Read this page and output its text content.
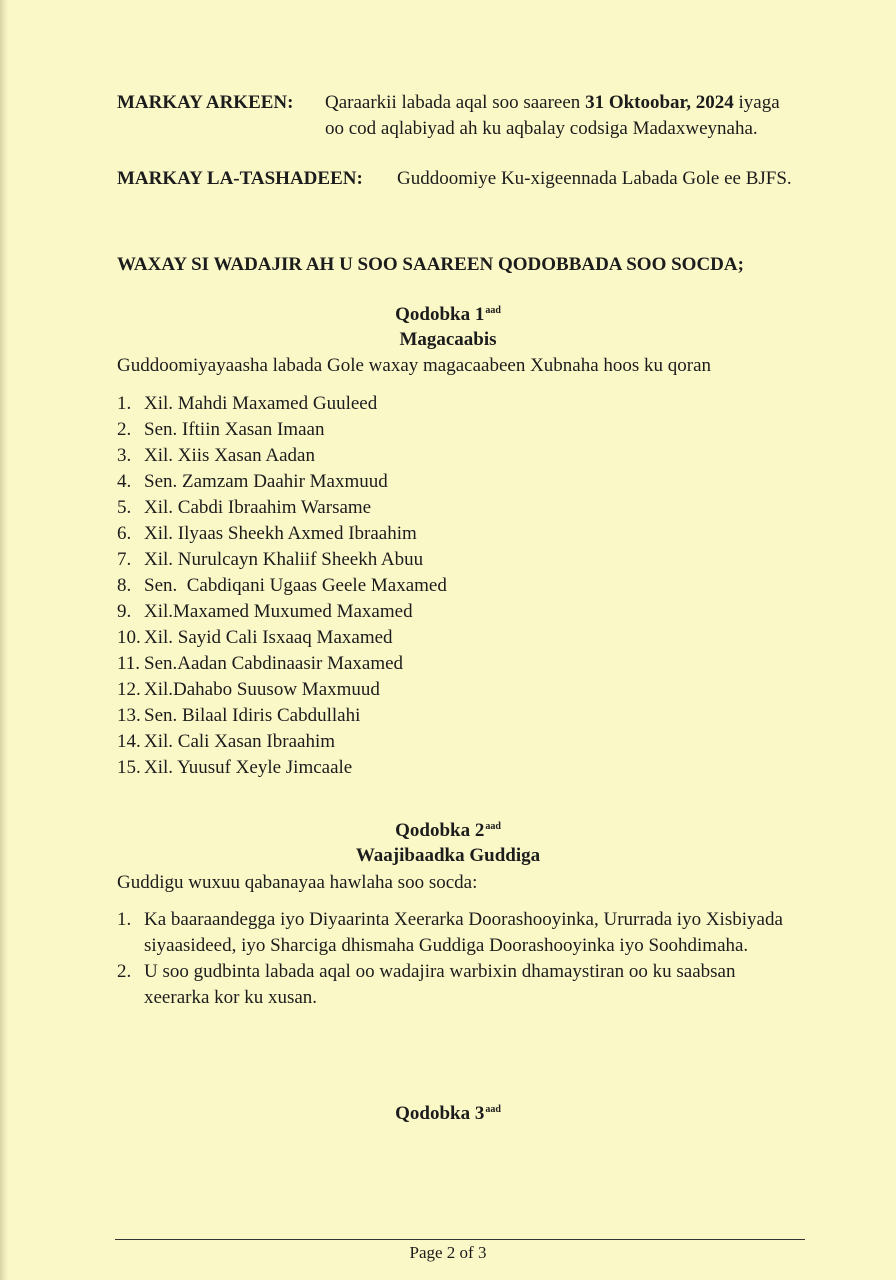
MARKAY ARKEEN: Qaraarkii labada aqal soo saareen 31 Oktoobar, 2024 iyaga
oo cod aqlabiyad ah ku aqbalay codsiga Madaxweynaha.
MARKAY LA-TASHADEEN: Guddoomiye Ku-xigeennada Labada Gole ee BJFS.
WAXAY SI WADAJIR AH U SOO SAAREEN QODOBBADA SOO SOCDA;
Qodobka $1^{aad}$
Magacaabis
Guddoomiyayaasha labada Gole waxay magacaabeen Xubnaha hoos ku qoran
1. Xil. Mahdi Maxamed Guuleed
2. Sen. Iftiin Xasan Imaan
3. Xil. Xiis Xasan Aadan
4. Sen. Zamzam Daahir Maxmuud
5. Xil. Cabdi Ibraahim Warsame
6. Xil. Ilyaas Sheekh Axmed Ibraahim
7. Xil. Nurulcayn Khaliif Sheekh Abuu
8. Sen.  Cabdiqani Ugaas Geele Maxamed
9. Xil.Maxamed Muxumed Maxamed
10. Xil. Sayid Cali Isxaaq Maxamed
11. Sen.Aadan Cabdinaasir Maxamed
12. Xil.Dahabo Suusow Maxmuud
13. Sen. Bilaal Idiris Cabdullahi
14. Xil. Cali Xasan Ibraahim
15. Xil. Yuusuf Xeyle Jimcaale
Qodobka $2^{aad}$
Waajibaadka Guddiga
Guddigu wuxuu qabanayaa hawlaha soo socda:
1. Ka baaraandegga iyo Diyaarinta Xeerarka Doorashooyinka, Ururrada iyo Xisbiyada siyaasideed, iyo Sharciga dhismaha Guddiga Doorashooyinka iyo Soohdimaha.
2. U soo gudbinta labada aqal oo wadajira warbixin dhamaystiran oo ku saabsan xeerarka kor ku xusan.
Qodobka $3^{aad}$
Page 2 of 3
